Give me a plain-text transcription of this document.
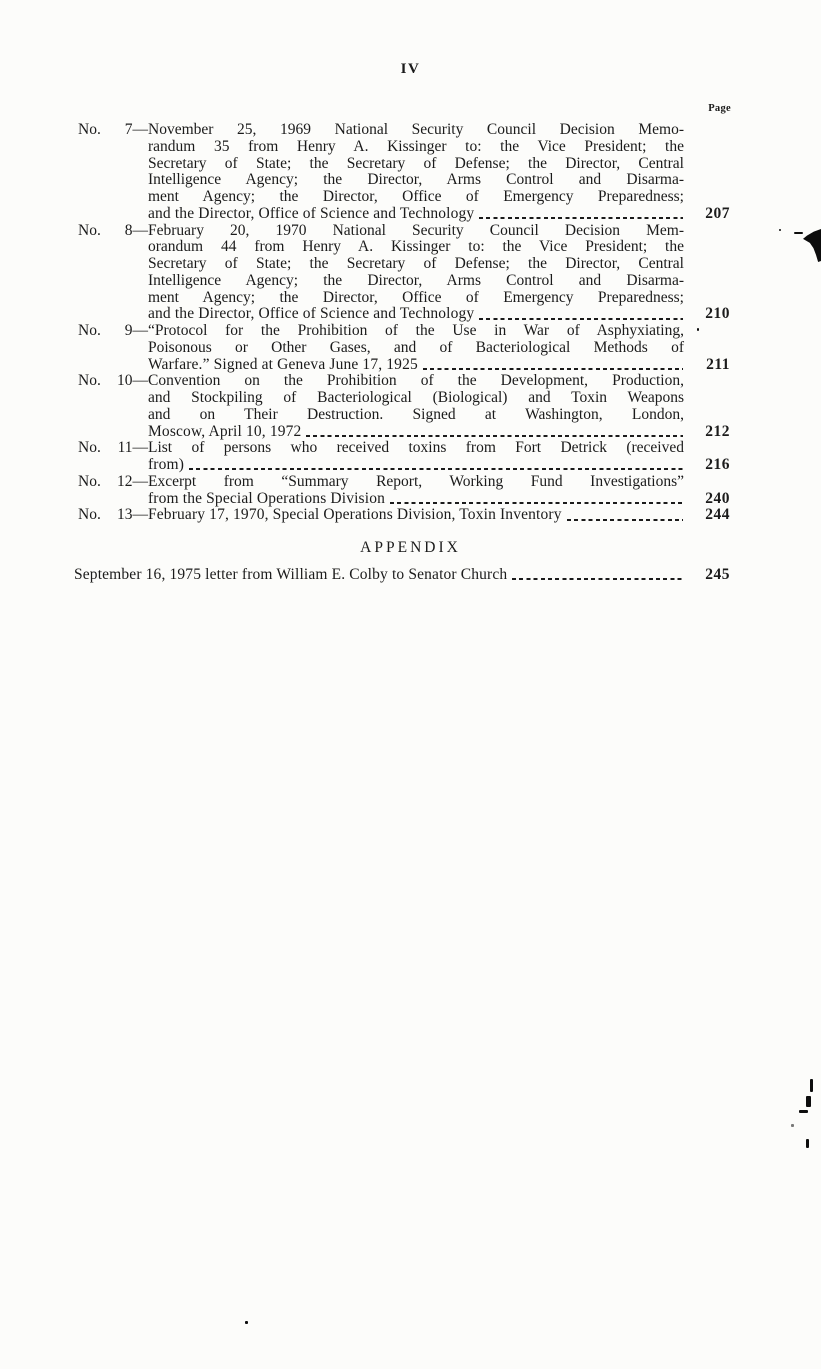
IV
Page
No. 7— November 25, 1969 National Security Council Decision Memo-
randum 35 from Henry A. Kissinger to: the Vice President; the
Secretary of State; the Secretary of Defense; the Director, Central
Intelligence Agency; the Director, Arms Control and Disarma-
ment Agency; the Director, Office of Emergency Preparedness;
and the Director, Office of Science and Technology	207
No. 8— February 20, 1970 National Security Council Decision Mem-
orandum 44 from Henry A. Kissinger to: the Vice President; the
Secretary of State; the Secretary of Defense; the Director, Central
Intelligence Agency; the Director, Arms Control and Disarma-
ment Agency; the Director, Office of Emergency Preparedness;
and the Director, Office of Science and Technology	210
No. 9— “Protocol for the Prohibition of the Use in War of Asphyxiating,
Poisonous or Other Gases, and of Bacteriological Methods of
Warfare.” Signed at Geneva June 17, 1925	211
No. 10— Convention on the Prohibition of the Development, Production,
and Stockpiling of Bacteriological (Biological) and Toxin Weapons
and on Their Destruction. Signed at Washington, London,
Moscow, April 10, 1972	212
No. 11— List of persons who received toxins from Fort Detrick (received
from)	216
No. 12— Excerpt from “Summary Report, Working Fund Investigations”
from the Special Operations Division	240
No. 13— February 17, 1970, Special Operations Division, Toxin Inventory	244
APPENDIX
September 16, 1975 letter from William E. Colby to Senator Church	245
